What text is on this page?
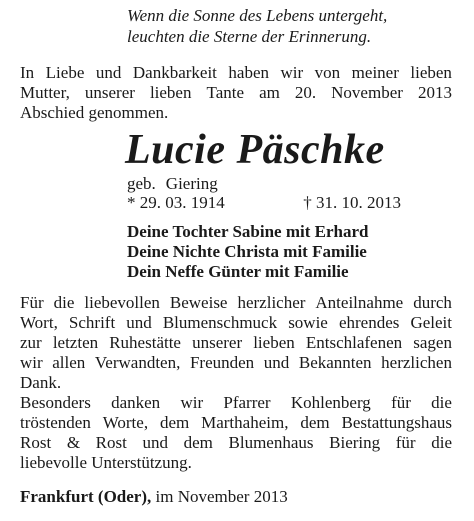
Wenn die Sonne des Lebens untergeht,
leuchten die Sterne der Erinnerung.
In Liebe und Dankbarkeit haben wir von meiner lieben
Mutter, unserer lieben Tante am 20. November 2013
Abschied genommen.
Lucie Päschke
geb. Giering
* 29. 03. 1914	† 31. 10. 2013
Deine Tochter Sabine mit Erhard
Deine Nichte Christa mit Familie
Dein Neffe Günter mit Familie
Für die liebevollen Beweise herzlicher Anteilnahme durch
Wort, Schrift und Blumenschmuck sowie ehrendes Geleit
zur letzten Ruhestätte unserer lieben Entschlafenen sagen
wir allen Verwandten, Freunden und Bekannten herzlichen
Dank.
Besonders danken wir Pfarrer Kohlenberg für die
tröstenden Worte, dem Marthaheim, dem Bestattungshaus
Rost & Rost und dem Blumenhaus Biering für die
liebevolle Unterstützung.
Frankfurt (Oder), im November 2013
